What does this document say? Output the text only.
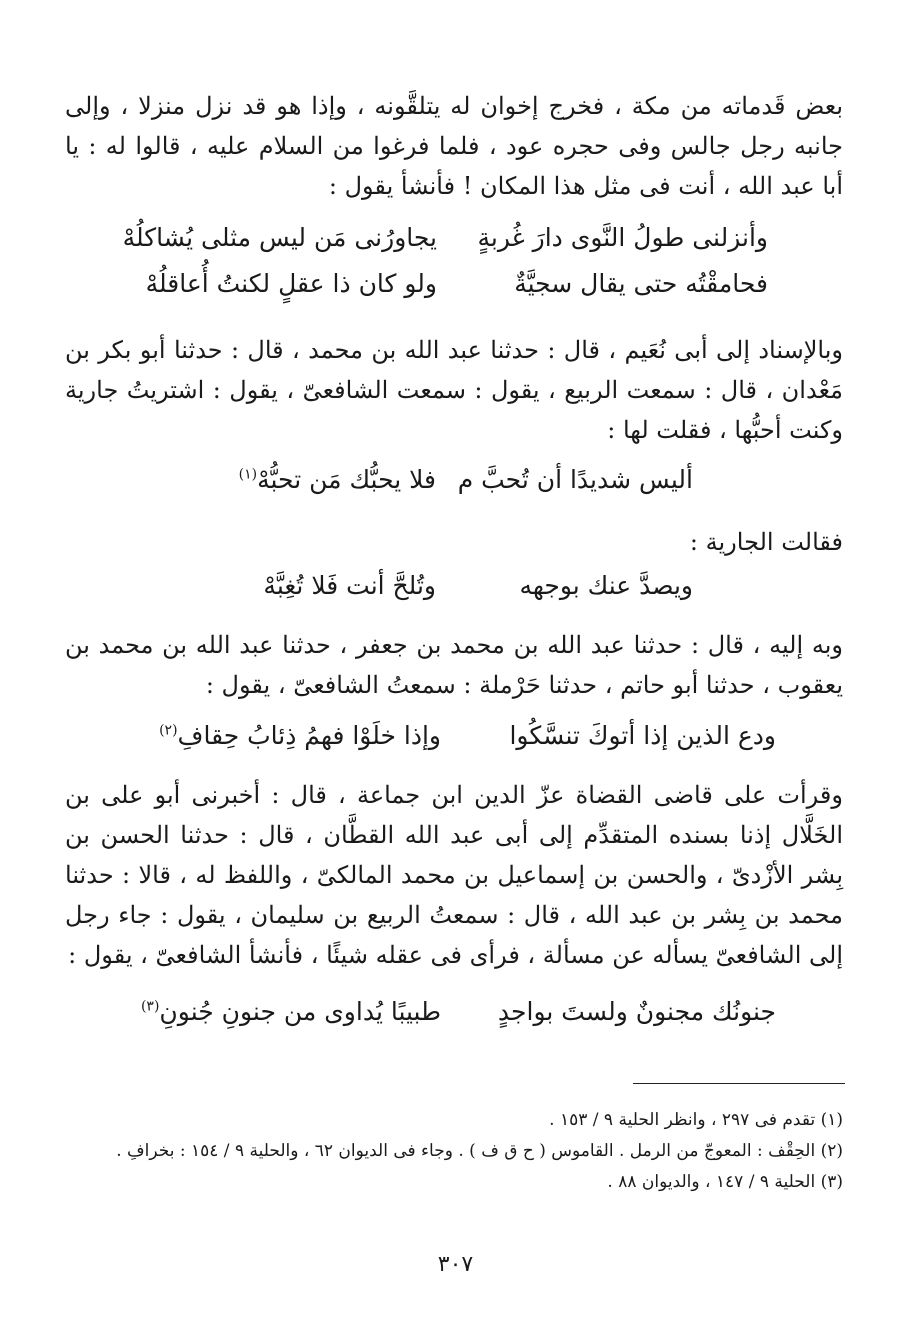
بعض قَدماته من مكة ، فخرج إخوان له يتلقَّونه ، وإذا هو قد نزل منزلا ، وإلى جانبه رجل جالس وفى حجره عود ، فلما فرغوا من السلام عليه ، قالوا له : يا أبا عبد الله ، أنت فى مثل هذا المكان ! فأنشأ يقول :
وأنزلنى طولُ النَّوى دارَ غُربةٍ
يجاورُنى مَن ليس مثلى يُشاكلُهْ
فحامقْتُه حتى يقال سجيَّةٌ
ولو كان ذا عقلٍ لكنتُ أُعاقلُهْ
وبالإسناد إلى أبى نُعَيم ، قال : حدثنا عبد الله بن محمد ، قال : حدثنا أبو بكر بن مَعْدان ، قال : سمعت الربيع ، يقول : سمعت الشافعىّ ، يقول : اشتريتُ جارية وكنت أحبُّها ، فقلت لها :
أليس شديدًا أن تُحبَّ م
فلا يحبُّك مَن تحبُّهْ$^{(١)}$
فقالت الجارية :
ويصدَّ عنك بوجهه
وتُلحَّ أنت فَلا تُغِبَّهْ
وبه إليه ، قال : حدثنا عبد الله بن محمد بن جعفر ، حدثنا عبد الله بن محمد بن يعقوب ، حدثنا أبو حاتم ، حدثنا حَرْملة : سمعتُ الشافعىّ ، يقول :
ودع الذين إذا أتوكَ تنسَّكُوا
وإذا خلَوْا فهمُ ذِئابُ حِقافِ$^{(٢)}$
وقرأت على قاضى القضاة عزّ الدين ابن جماعة ، قال : أخبرنى أبو على بن الخَلَّال إذنا بسنده المتقدِّم إلى أبى عبد الله القطَّان ، قال : حدثنا الحسن بن بِشر الأزْدىّ ، والحسن بن إسماعيل بن محمد المالكىّ ، واللفظ له ، قالا : حدثنا محمد بن بِشر بن عبد الله ، قال : سمعتُ الربيع بن سليمان ، يقول : جاء رجل إلى الشافعىّ يسأله عن مسألة ، فرأى فى عقله شيئًا ، فأنشأ الشافعىّ ، يقول :
جنونُك مجنونٌ ولستَ بواجدٍ
طبيبًا يُداوى من جنونِ جُنونِ$^{(٣)}$
(١) تقدم فى ٢٩٧ ، وانظر الحلية ٩ / ١٥٣ .
(٢) الحِقْف : المعوجّ من الرمل . القاموس ( ح ق ف ) . وجاء فى الديوان ٦٢ ، والحلية ٩ / ١٥٤ : بخرافِ .
(٣) الحلية ٩ / ١٤٧ ، والديوان ٨٨ .
٣٠٧
